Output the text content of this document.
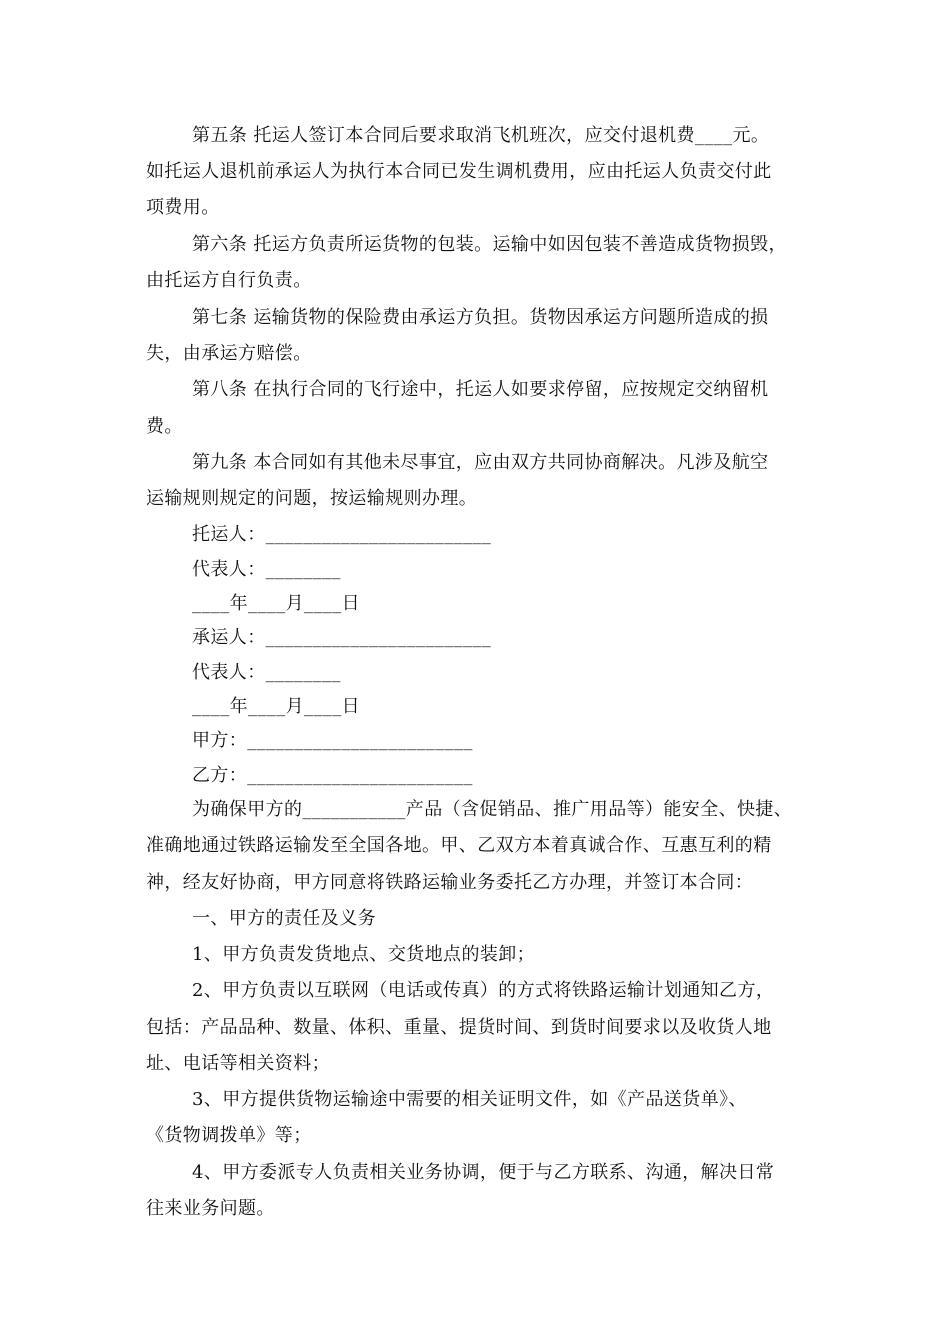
第五条 托运人签订本合同后要求取消飞机班次，应交付退机费____元。
如托运人退机前承运人为执行本合同已发生调机费用，应由托运人负责交付此
项费用。
第六条 托运方负责所运货物的包装。运输中如因包装不善造成货物损毁，
由托运方自行负责。
第七条 运输货物的保险费由承运方负担。货物因承运方问题所造成的损
失，由承运方赔偿。
第八条 在执行合同的飞行途中，托运人如要求停留，应按规定交纳留机
费。
第九条 本合同如有其他未尽事宜，应由双方共同协商解决。凡涉及航空
运输规则规定的问题，按运输规则办理。
托运人：________________________
代表人：________
____年____月____日
承运人：________________________
代表人：________
____年____月____日
甲方：________________________
乙方：________________________
为确保甲方的___________产品（含促销品、推广用品等）能安全、快捷、
准确地通过铁路运输发至全国各地。甲、乙双方本着真诚合作、互惠互利的精
神，经友好协商，甲方同意将铁路运输业务委托乙方办理，并签订本合同：
一、甲方的责任及义务
1、甲方负责发货地点、交货地点的装卸；
2、甲方负责以互联网（电话或传真）的方式将铁路运输计划通知乙方，
包括：产品品种、数量、体积、重量、提货时间、到货时间要求以及收货人地
址、电话等相关资料；
3、甲方提供货物运输途中需要的相关证明文件，如《产品送货单》、
《货物调拨单》等；
4、甲方委派专人负责相关业务协调，便于与乙方联系、沟通，解决日常
往来业务问题。
